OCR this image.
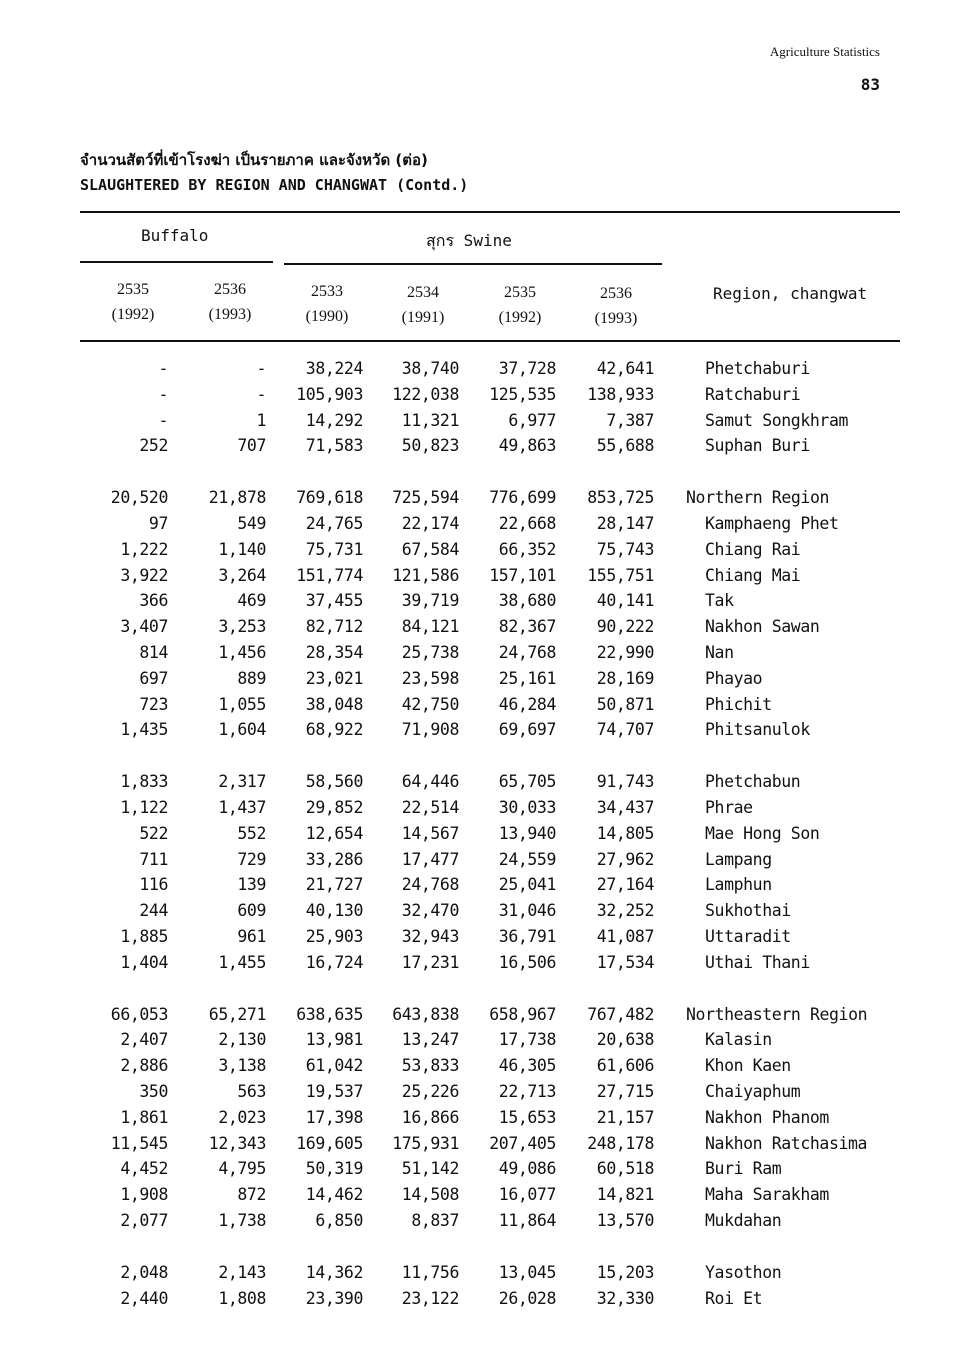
Agriculture Statistics
83
จำนวนสัตว์ที่เข้าโรงฆ่า เป็นรายภาค และจังหวัด (ต่อ)
SLAUGHTERED BY REGION AND CHANGWAT (Contd.)
Buffalo	สุกร Swine
2535
(1992)
2536
(1993)
2533
(1990)
2534
(1991)
2535
(1992)
2536
(1993)
Region, changwat
-	- 38,224 38,740 37,728 42,641	Phetchaburi
-	- 105,903 122,038 125,535 138,933	Ratchaburi
-	1 14,292 11,321	6,977	7,387	Samut Songkhram
252	707 71,583 50,823 49,863 55,688	Suphan Buri
20,520 21,878 769,618 725,594 776,699 853,725 Northern Region
97	549 24,765 22,174 22,668 28,147	Kamphaeng Phet
1,222	1,140 75,731 67,584 66,352 75,743	Chiang Rai
3,922	3,264 151,774 121,586 157,101 155,751	Chiang Mai
366	469 37,455 39,719 38,680 40,141	Tak
3,407	3,253 82,712 84,121 82,367 90,222	Nakhon Sawan
814	1,456 28,354 25,738 24,768 22,990	Nan
697	889 23,021 23,598 25,161 28,169	Phayao
723	1,055 38,048 42,750 46,284 50,871	Phichit
1,435	1,604 68,922 71,908 69,697 74,707	Phitsanulok
1,833	2,317 58,560 64,446 65,705 91,743	Phetchabun
1,122	1,437 29,852 22,514 30,033 34,437	Phrae
522	552 12,654 14,567 13,940 14,805	Mae Hong Son
711	729 33,286 17,477 24,559 27,962	Lampang
116	139 21,727 24,768 25,041 27,164	Lamphun
244	609 40,130 32,470 31,046 32,252	Sukhothai
1,885	961 25,903 32,943 36,791 41,087	Uttaradit
1,404	1,455 16,724 17,231 16,506 17,534	Uthai Thani
66,053 65,271 638,635 643,838 658,967 767,482 Northeastern Region
2,407	2,130 13,981 13,247 17,738 20,638	Kalasin
2,886	3,138 61,042 53,833 46,305 61,606	Khon Kaen
350	563 19,537 25,226 22,713 27,715	Chaiyaphum
1,861	2,023 17,398 16,866 15,653 21,157	Nakhon Phanom
11,545 12,343 169,605 175,931 207,405 248,178	Nakhon Ratchasima
4,452	4,795 50,319 51,142 49,086 60,518	Buri Ram
1,908	872 14,462 14,508 16,077 14,821	Maha Sarakham
2,077	1,738	6,850	8,837 11,864 13,570	Mukdahan
2,048	2,143 14,362 11,756 13,045 15,203	Yasothon
2,440	1,808 23,390 23,122 26,028 32,330	Roi Et
